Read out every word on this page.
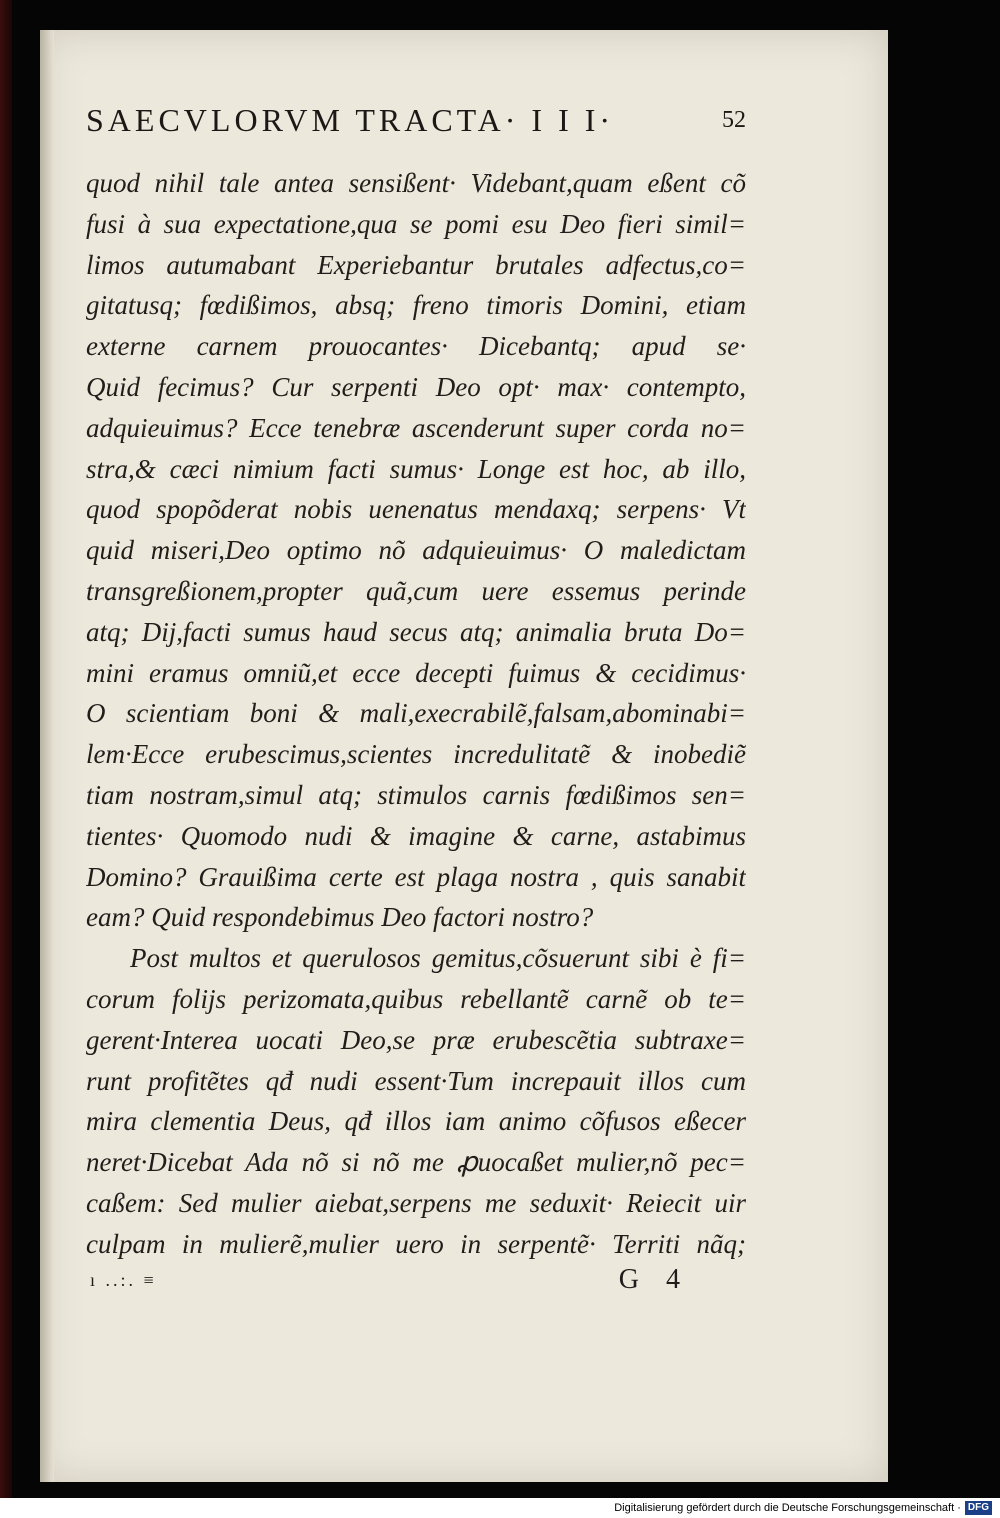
SAECVLORVM TRACTA· I I I·	52
quod nihil tale antea sensißent· Videbant,quam eßent cõ
fusi à sua expectatione,qua se pomi esu Deo fieri simil=
limos autumabant Experiebantur brutales adfectus,co=
gitatusq; fœdißimos, absq; freno timoris Domini, etiam
externe carnem prouocantes· Dicebantq; apud se·
Quid fecimus? Cur serpenti Deo opt· max· contempto,
adquieuimus? Ecce tenebræ ascenderunt super corda no=
stra,& cæci nimium facti sumus· Longe est hoc, ab illo,
quod spopõderat nobis uenenatus mendaxq; serpens· Vt
quid miseri,Deo optimo nõ adquieuimus· O maledictam
transgreßionem,propter quã,cum uere essemus perinde
atq; Dij,facti sumus haud secus atq; animalia bruta Do=
mini eramus omniũ,et ecce decepti fuimus & cecidimus·
O scientiam boni & mali,execrabilẽ,falsam,abominabi=
lem·Ecce erubescimus,scientes incredulitatẽ & inobediẽ
tiam nostram,simul atq; stimulos carnis fœdißimos sen=
tientes· Quomodo nudi & imagine & carne, astabimus
Domino? Grauißima certe est plaga nostra , quis sanabit
eam? Quid respondebimus Deo factori nostro?
Post multos et querulosos gemitus,cõsuerunt sibi è fi=
corum folijs perizomata,quibus rebellantẽ carnẽ ob te=
gerent·Interea uocati Deo,se præ erubescẽtia subtraxe=
runt profitẽtes qđ nudi essent·Tum increpauit illos cum
mira clementia Deus, qđ illos iam animo cõfusos eßecer
neret·Dicebat Ada nõ si nõ me ꝓuocaßet mulier,nõ pec=
caßem: Sed mulier aiebat,serpens me seduxit· Reiecit uir
culpam in mulierẽ,mulier uero in serpentẽ· Territi nãq;
ı ..:. ≡	G 4
Digitalisierung gefördert durch die Deutsche Forschungsgemeinschaft · DFG
